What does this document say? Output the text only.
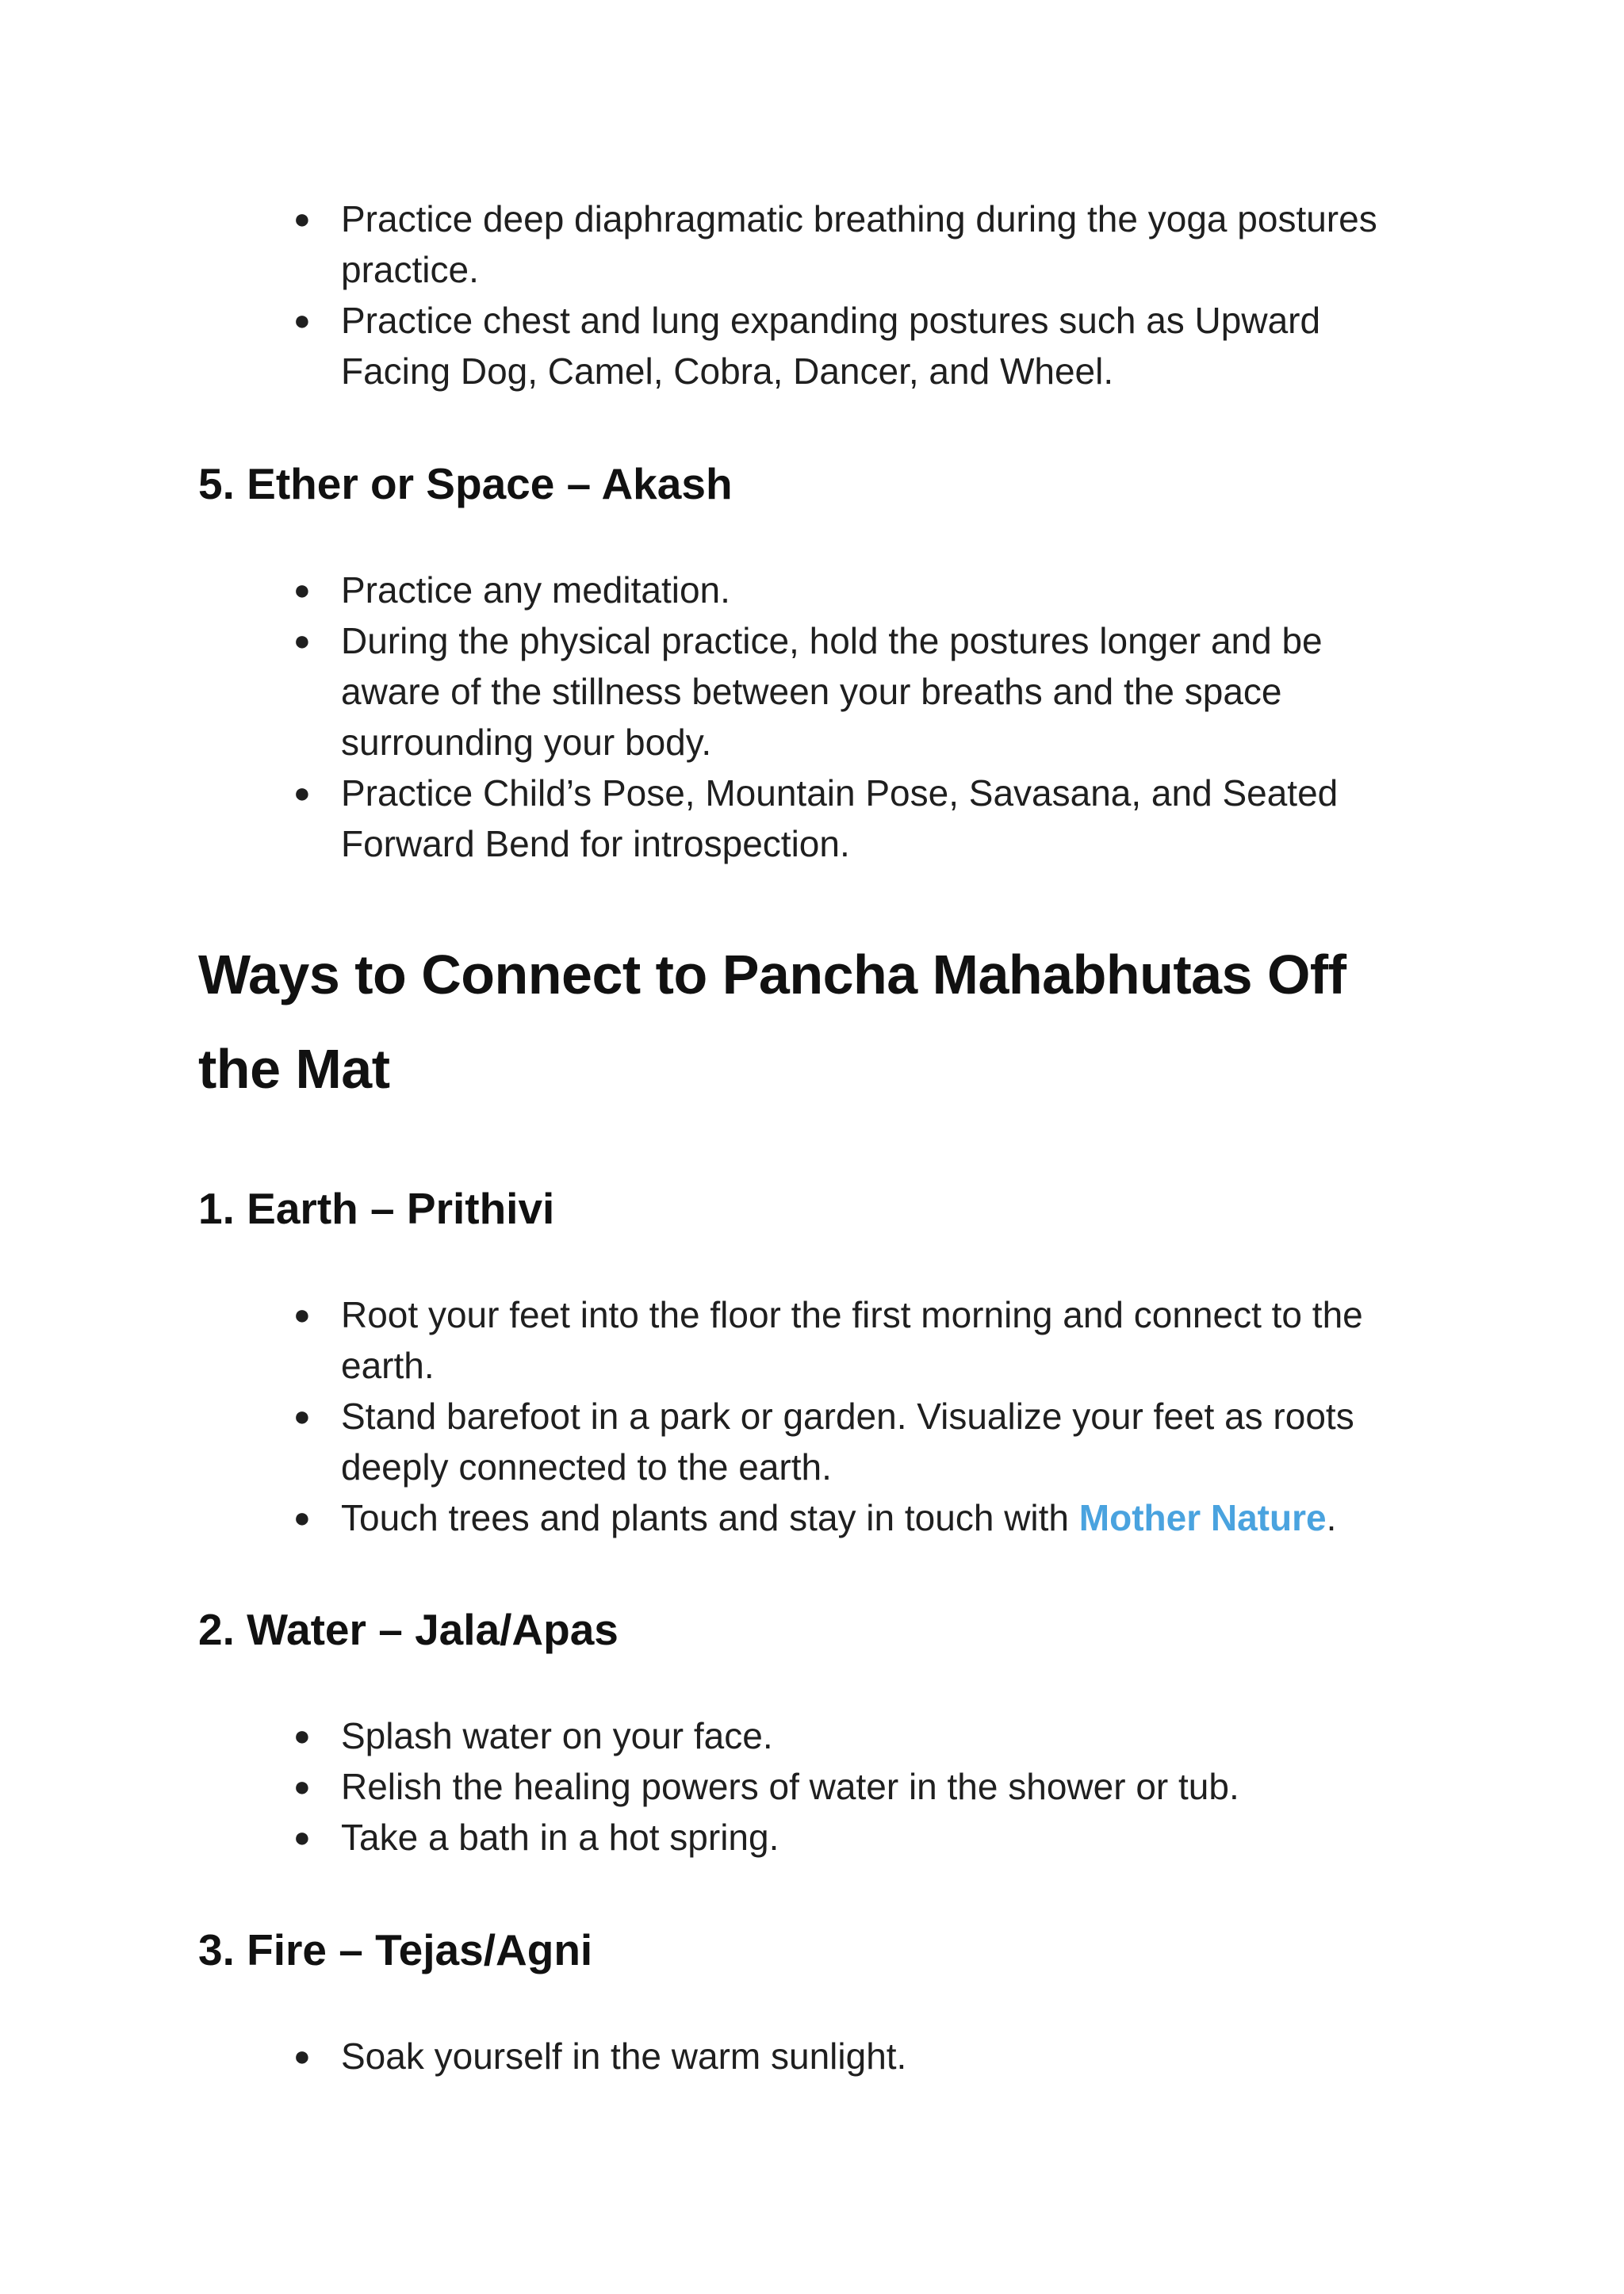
● Practice deep diaphragmatic breathing during the yoga postures practice.
● Practice chest and lung expanding postures such as Upward Facing Dog, Camel, Cobra, Dancer, and Wheel.
5. Ether or Space – Akash
● Practice any meditation.
● During the physical practice, hold the postures longer and be aware of the stillness between your breaths and the space surrounding your body.
● Practice Child’s Pose, Mountain Pose, Savasana, and Seated Forward Bend for introspection.
Ways to Connect to Pancha Mahabhutas Off the Mat
1. Earth – Prithivi
● Root your feet into the floor the first morning and connect to the earth.
● Stand barefoot in a park or garden. Visualize your feet as roots deeply connected to the earth.
● Touch trees and plants and stay in touch with Mother Nature.
2. Water – Jala/Apas
● Splash water on your face.
● Relish the healing powers of water in the shower or tub.
● Take a bath in a hot spring.
3. Fire – Tejas/Agni
● Soak yourself in the warm sunlight.
